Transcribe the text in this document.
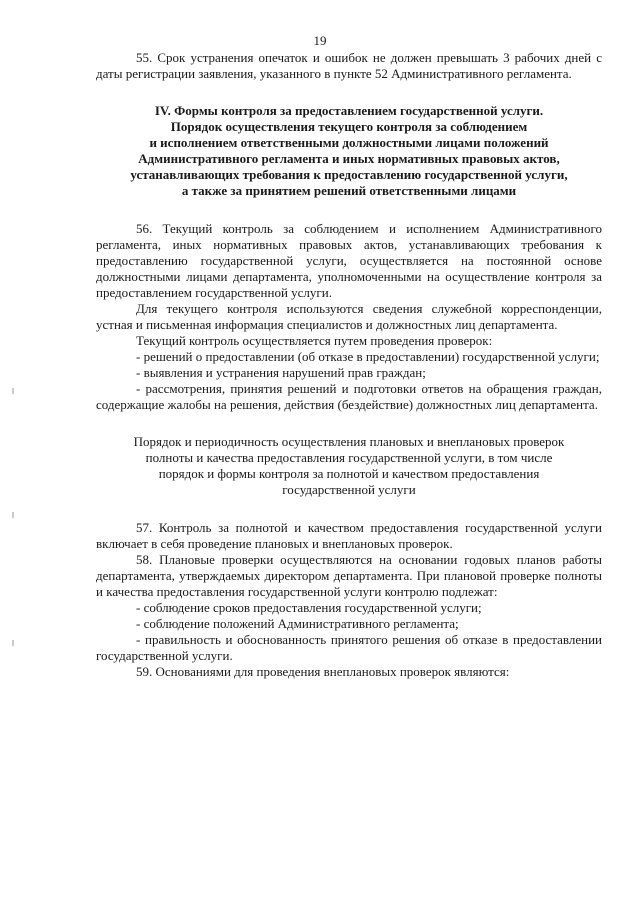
19

55. Срок устранения опечаток и ошибок не должен превышать 3 рабочих дней с даты регистрации заявления, указанного в пункте 52 Административного регламента.

IV. Формы контроля за предоставлением государственной услуги.
Порядок осуществления текущего контроля за соблюдением
и исполнением ответственными должностными лицами положений
Административного регламента и иных нормативных правовых актов,
устанавливающих требования к предоставлению государственной услуги,
а также за принятием решений ответственными лицами

56. Текущий контроль за соблюдением и исполнением Административного регламента, иных нормативных правовых актов, устанавливающих требования к предоставлению государственной услуги, осуществляется на постоянной основе должностными лицами департамента, уполномоченными на осуществление контроля за предоставлением государственной услуги.

Для текущего контроля используются сведения служебной корреспонденции, устная и письменная информация специалистов и должностных лиц департамента.

Текущий контроль осуществляется путем проведения проверок:

- решений о предоставлении (об отказе в предоставлении) государственной услуги;

- выявления и устранения нарушений прав граждан;

- рассмотрения, принятия решений и подготовки ответов на обращения граждан, содержащие жалобы на решения, действия (бездействие) должностных лиц департамента.

Порядок и периодичность осуществления плановых и внеплановых проверок
полноты и качества предоставления государственной услуги, в том числе
порядок и формы контроля за полнотой и качеством предоставления
государственной услуги

57. Контроль за полнотой и качеством предоставления государственной услуги включает в себя проведение плановых и внеплановых проверок.

58. Плановые проверки осуществляются на основании годовых планов работы департамента, утверждаемых директором департамента. При плановой проверке полноты и качества предоставления государственной услуги контролю подлежат:

- соблюдение сроков предоставления государственной услуги;

- соблюдение положений Административного регламента;

- правильность и обоснованность принятого решения об отказе в предоставлении государственной услуги.

59. Основаниями для проведения внеплановых проверок являются:
